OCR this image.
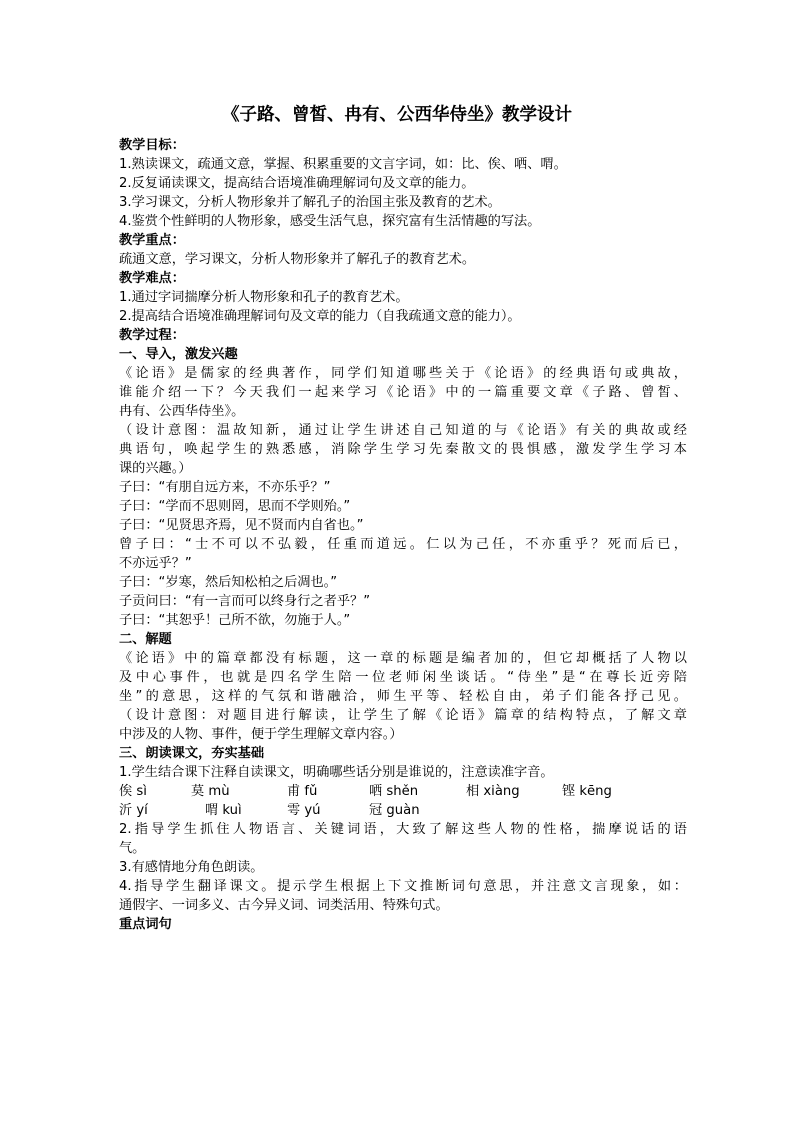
《子路、曾皙、冉有、公西华侍坐》教学设计
教学目标：
1.熟读课文，疏通文意，掌握、积累重要的文言字词，如：比、俟、哂、喟。
2.反复诵读课文，提高结合语境准确理解词句及文章的能力。
3.学习课文，分析人物形象并了解孔子的治国主张及教育的艺术。
4.鉴赏个性鲜明的人物形象，感受生活气息，探究富有生活情趣的写法。
教学重点：
疏通文意，学习课文，分析人物形象并了解孔子的教育艺术。
教学难点：
1.通过字词揣摩分析人物形象和孔子的教育艺术。
2.提高结合语境准确理解词句及文章的能力（自我疏通文意的能力）。
教学过程：
一、导入，激发兴趣
《论语》是儒家的经典著作，同学们知道哪些关于《论语》的经典语句或典故，
谁能介绍一下？今天我们一起来学习《论语》中的一篇重要文章《子路、曾皙、
冉有、公西华侍坐》。
（设计意图：温故知新，通过让学生讲述自己知道的与《论语》有关的典故或经
典语句，唤起学生的熟悉感，消除学生学习先秦散文的畏惧感，激发学生学习本
课的兴趣。）
子曰：“有朋自远方来，不亦乐乎？”
子曰：“学而不思则罔，思而不学则殆。”
子曰：“见贤思齐焉，见不贤而内自省也。”
曾子曰：“士不可以不弘毅，任重而道远。仁以为己任，不亦重乎？死而后已，
不亦远乎？”
子曰：“岁寒，然后知松柏之后凋也。”
子贡问曰：“有一言而可以终身行之者乎？”
子曰：“其恕乎！己所不欲，勿施于人。”
二、解题
《论语》中的篇章都没有标题，这一章的标题是编者加的，但它却概括了人物以
及中心事件，也就是四名学生陪一位老师闲坐谈话。“侍坐”是“在尊长近旁陪
坐”的意思，这样的气氛和谐融洽，师生平等、轻松自由，弟子们能各抒己见。
（设计意图：对题目进行解读，让学生了解《论语》篇章的结构特点，了解文章
中涉及的人物、事件，便于学生理解文章内容。）
三、朗读课文，夯实基础
1.学生结合课下注释自读课文，明确哪些话分别是谁说的，注意读准字音。
俟 sì	莫 mù	甫 fǔ	哂 shěn	相 xiàng	铿 kēng
沂 yí	喟 kuì	雩 yú	冠 guàn
2.指导学生抓住人物语言、关键词语，大致了解这些人物的性格，揣摩说话的语
气。
3.有感情地分角色朗读。
4.指导学生翻译课文。提示学生根据上下文推断词句意思，并注意文言现象，如：
通假字、一词多义、古今异义词、词类活用、特殊句式。
重点词句
